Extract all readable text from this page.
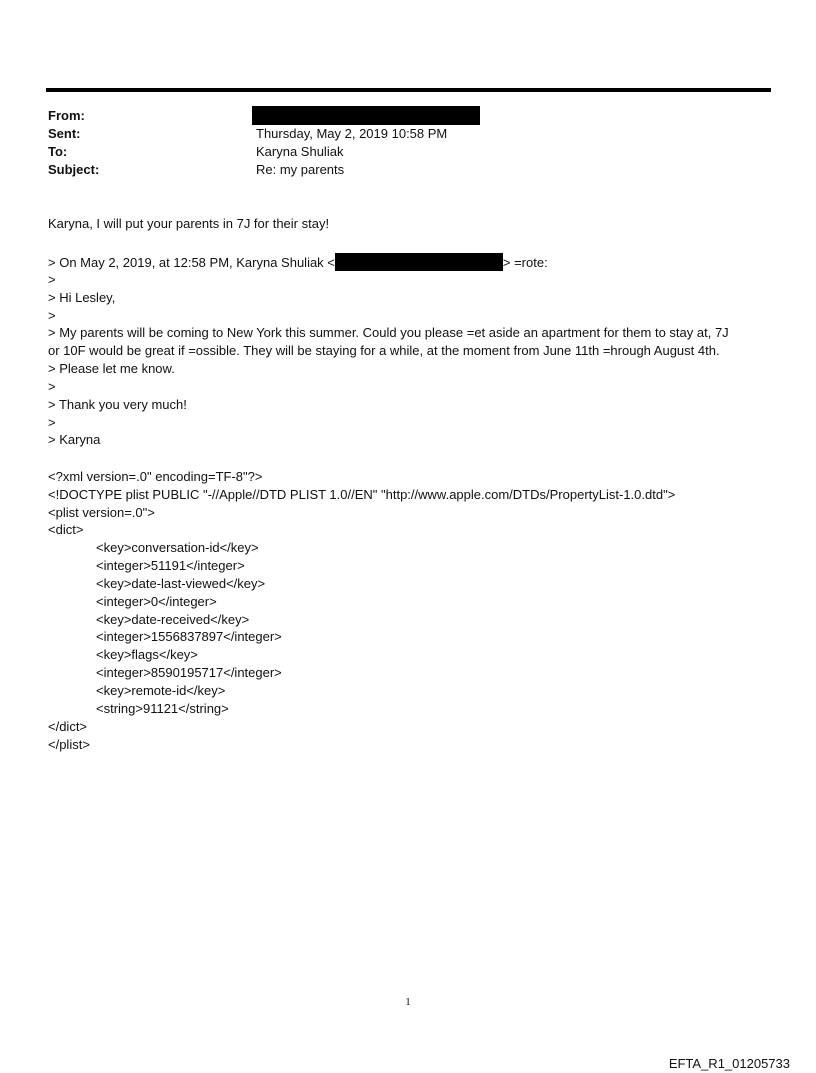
From:
Sent:	Thursday, May 2, 2019 10:58 PM
To:	Karyna Shuliak
Subject:	Re: my parents
Karyna, I will put your parents in 7J for their stay!
> On May 2, 2019, at 12:58 PM, Karyna Shuliak <	> =rote:
>
> Hi Lesley,
>
> My parents will be coming to New York this summer. Could you please =et aside an apartment for them to stay at, 7J
or 10F would be great if =ossible. They will be staying for a while, at the moment from June 11th =hrough August 4th.
> Please let me know.
>
> Thank you very much!
>
> Karyna
<?xml version=.0" encoding=TF-8"?>
<!DOCTYPE plist PUBLIC "-//Apple//DTD PLIST 1.0//EN" "http://www.apple.com/DTDs/PropertyList-1.0.dtd">
<plist version=.0">
<dict>
<key>conversation-id</key>
<integer>51191</integer>
<key>date-last-viewed</key>
<integer>0</integer>
<key>date-received</key>
<integer>1556837897</integer>
<key>flags</key>
<integer>8590195717</integer>
<key>remote-id</key>
<string>91121</string>
</dict>
</plist>
1
EFTA_R1_01205733
